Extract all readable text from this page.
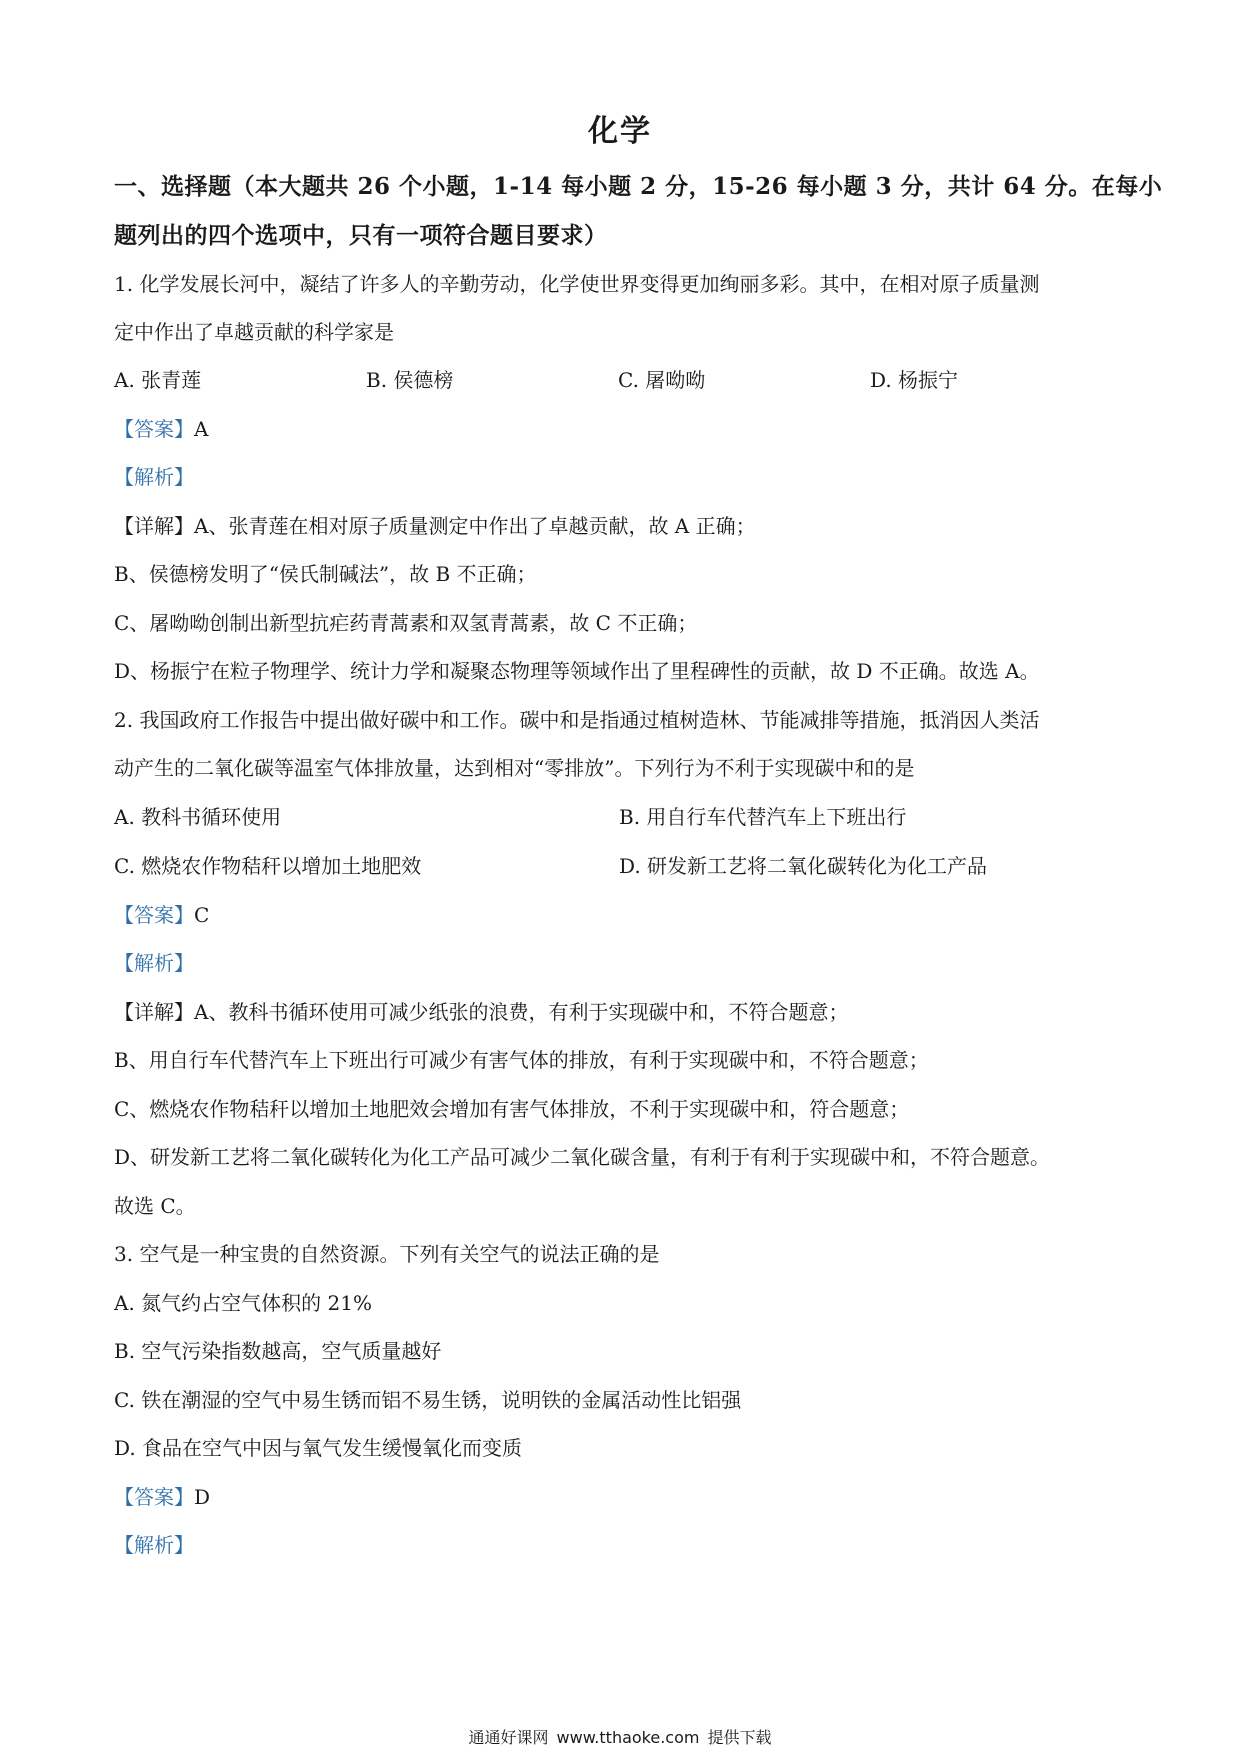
化学
一、选择题（本大题共 26 个小题，1-14 每小题 2 分，15-26 每小题 3 分，共计 64 分。在每小
题列出的四个选项中，只有一项符合题目要求）
1. 化学发展长河中，凝结了许多人的辛勤劳动，化学使世界变得更加绚丽多彩。其中，在相对原子质量测
定中作出了卓越贡献的科学家是
A. 张青莲	B. 侯德榜	C. 屠呦呦	D. 杨振宁
【答案】A
【解析】
【详解】A、张青莲在相对原子质量测定中作出了卓越贡献，故 A 正确；
B、侯德榜发明了“侯氏制碱法”，故 B 不正确；
C、屠呦呦创制出新型抗疟药青蒿素和双氢青蒿素，故 C 不正确；
D、杨振宁在粒子物理学、统计力学和凝聚态物理等领域作出了里程碑性的贡献，故 D 不正确。故选 A。
2. 我国政府工作报告中提出做好碳中和工作。碳中和是指通过植树造林、节能减排等措施，抵消因人类活
动产生的二氧化碳等温室气体排放量，达到相对“零排放”。下列行为不利于实现碳中和的是
A. 教科书循环使用	B. 用自行车代替汽车上下班出行
C. 燃烧农作物秸秆以增加土地肥效	D. 研发新工艺将二氧化碳转化为化工产品
【答案】C
【解析】
【详解】A、教科书循环使用可减少纸张的浪费，有利于实现碳中和，不符合题意；
B、用自行车代替汽车上下班出行可减少有害气体的排放，有利于实现碳中和，不符合题意；
C、燃烧农作物秸秆以增加土地肥效会增加有害气体排放，不利于实现碳中和，符合题意；
D、研发新工艺将二氧化碳转化为化工产品可减少二氧化碳含量，有利于有利于实现碳中和，不符合题意。
故选 C。
3. 空气是一种宝贵的自然资源。下列有关空气的说法正确的是
A. 氮气约占空气体积的 21%
B. 空气污染指数越高，空气质量越好
C. 铁在潮湿的空气中易生锈而铝不易生锈，说明铁的金属活动性比铝强
D. 食品在空气中因与氧气发生缓慢氧化而变质
【答案】D
【解析】
通通好课网 www.tthaoke.com 提供下载
